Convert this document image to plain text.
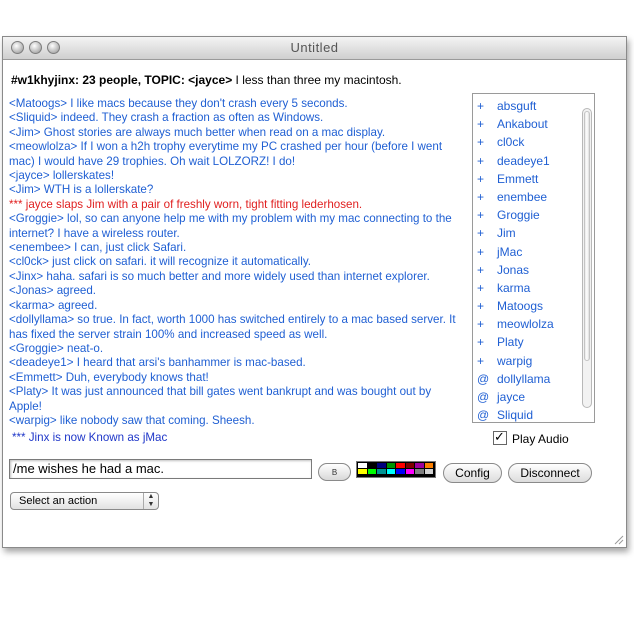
Untitled
#w1khyjinx: 23 people, TOPIC: <jayce> I less than three my macintosh.
<Matoogs> I like macs because they don't crash every 5 seconds.
<Sliquid> indeed. They crash a fraction as often as Windows.
<Jim> Ghost stories are always much better when read on a mac display.
<meowlolza> If I won a h2h trophy everytime my PC crashed per hour (before I went mac) I would have 29 trophies. Oh wait LOLZORZ! I do!
<jayce> lollerskates!
<Jim> WTH is a lollerskate?
*** jayce slaps Jim with a pair of freshly worn, tight fitting lederhosen.
<Groggie> lol, so can anyone help me with my problem with my mac connecting to the internet? I have a wireless router.
<enembee> I can, just click Safari.
<cl0ck> just click on safari. it will recognize it automatically.
<Jinx> haha. safari is so much better and more widely used than internet explorer.
<Jonas> agreed.
<karma> agreed.
<dollyllama> so true. In fact, worth 1000 has switched entirely to a mac based server. It has fixed the server strain 100% and increased speed as well.
<Groggie> neat-o.
<deadeye1> I heard that arsi's banhammer is mac-based.
<Emmett> Duh, everybody knows that!
<Platy> It was just announced that bill gates went bankrupt and was bought out by Apple!
<warpig> like nobody saw that coming. Sheesh.
*** Jinx is now Known as jMac
+ absguft
+ Ankabout
+ cl0ck
+ deadeye1
+ Emmett
+ enembee
+ Groggie
+ Jim
+ jMac
+ Jonas
+ karma
+ Matoogs
+ meowlolza
+ Platy
+ warpig
@ dollyllama
@ jayce
@ Sliquid
✓Play Audio
/me wishes he had a mac.	B	Config	Disconnect
Select an action	▲
▼
